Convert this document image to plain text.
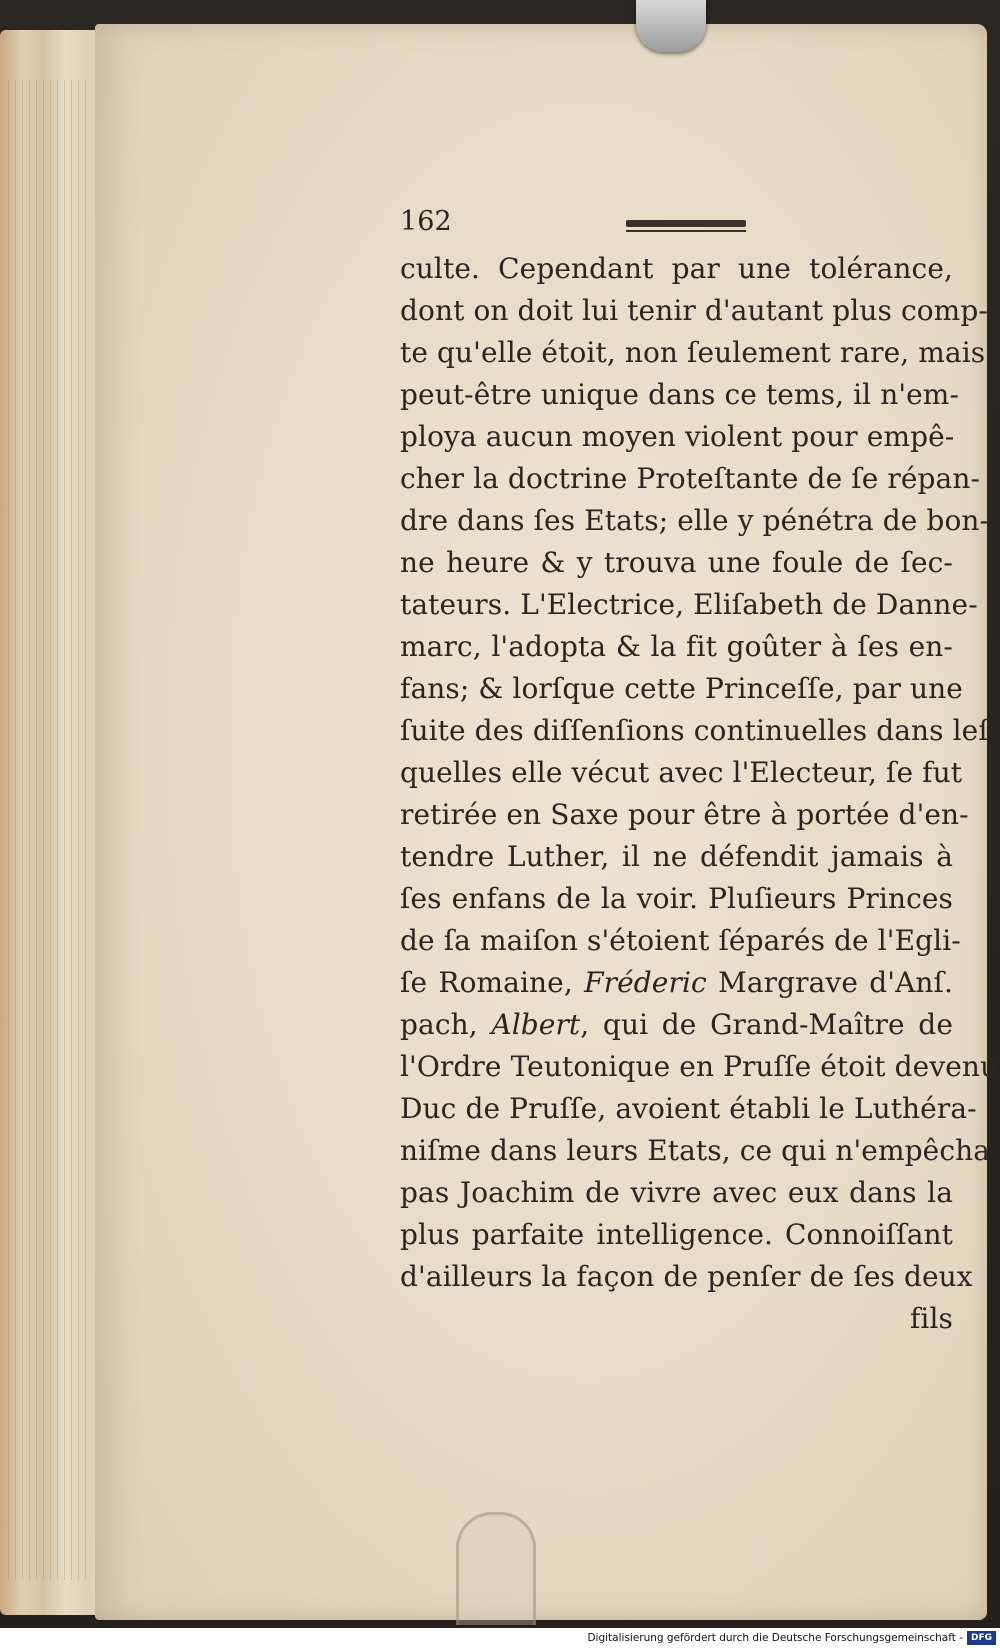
162
culte. Cependant par une tolérance,
dont on doit lui tenir d'autant plus comp-
te qu'elle étoit, non ſeulement rare, mais
peut-être unique dans ce tems, il n'em-
ploya aucun moyen violent pour empê-
cher la doctrine Proteſtante de ſe répan-
dre dans ſes Etats; elle y pénétra de bon-
ne heure & y trouva une foule de ſec-
tateurs. L'Electrice, Eliſabeth de Danne-
marc, l'adopta & la fit goûter à ſes en-
fans; & lorſque cette Princeſſe, par une
ſuite des diſſenſions continuelles dans leſ-
quelles elle vécut avec l'Electeur, ſe fut
retirée en Saxe pour être à portée d'en-
tendre Luther, il ne défendit jamais à
ſes enfans de la voir. Pluſieurs Princes
de ſa maiſon s'étoient ſéparés de l'Egli-
ſe Romaine, Fréderic Margrave d'Anſ.
pach, Albert, qui de Grand-Maître de
l'Ordre Teutonique en Pruſſe étoit devenu
Duc de Pruſſe, avoient établi le Luthéra-
niſme dans leurs Etats, ce qui n'empêcha
pas Joachim de vivre avec eux dans la
plus parfaite intelligence. Connoiſſant
d'ailleurs la façon de penſer de ſes deux
fils
Digitalisierung gefördert durch die Deutsche Forschungsgemeinschaft - DFG
